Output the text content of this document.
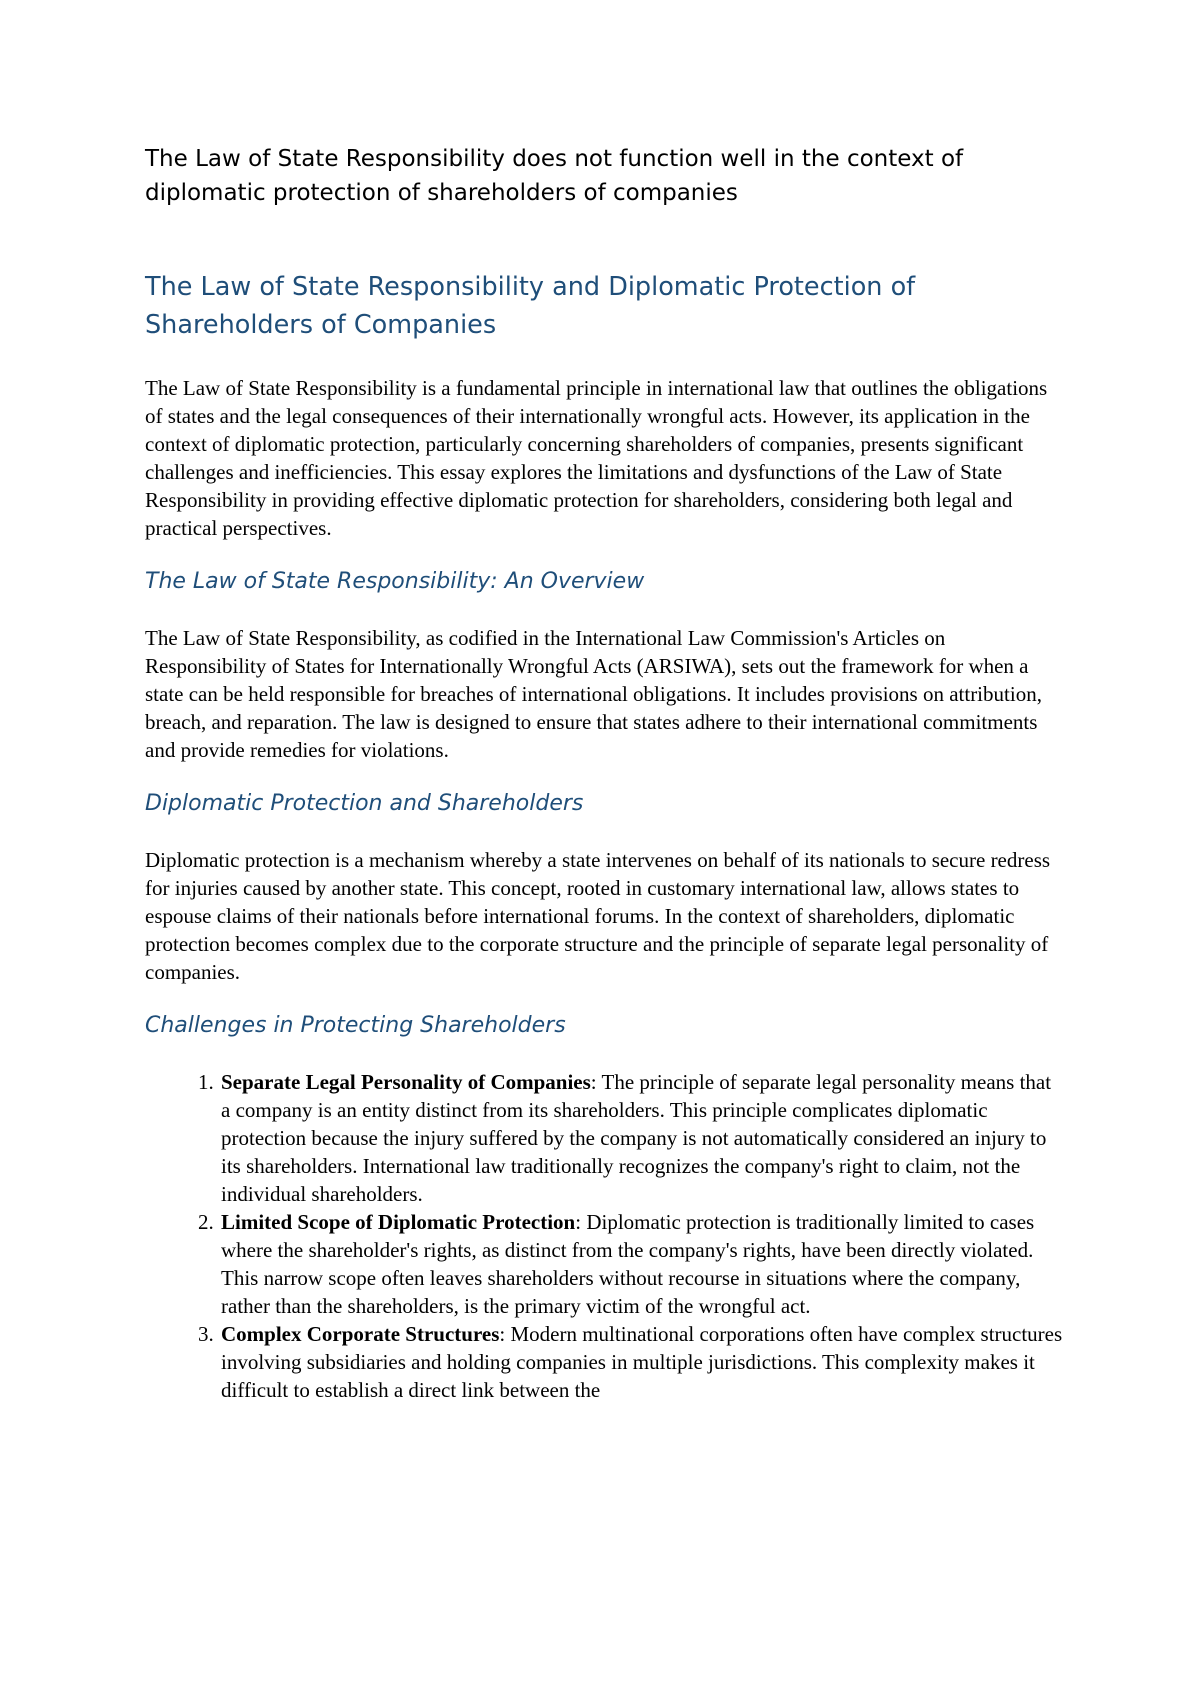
The Law of State Responsibility does not function well in the context of diplomatic protection of shareholders of companies

The Law of State Responsibility and Diplomatic Protection of Shareholders of Companies

The Law of State Responsibility is a fundamental principle in international law that outlines the obligations of states and the legal consequences of their internationally wrongful acts. However, its application in the context of diplomatic protection, particularly concerning shareholders of companies, presents significant challenges and inefficiencies. This essay explores the limitations and dysfunctions of the Law of State Responsibility in providing effective diplomatic protection for shareholders, considering both legal and practical perspectives.

The Law of State Responsibility: An Overview

The Law of State Responsibility, as codified in the International Law Commission's Articles on Responsibility of States for Internationally Wrongful Acts (ARSIWA), sets out the framework for when a state can be held responsible for breaches of international obligations. It includes provisions on attribution, breach, and reparation. The law is designed to ensure that states adhere to their international commitments and provide remedies for violations.

Diplomatic Protection and Shareholders

Diplomatic protection is a mechanism whereby a state intervenes on behalf of its nationals to secure redress for injuries caused by another state. This concept, rooted in customary international law, allows states to espouse claims of their nationals before international forums. In the context of shareholders, diplomatic protection becomes complex due to the corporate structure and the principle of separate legal personality of companies.

Challenges in Protecting Shareholders
1. Separate Legal Personality of Companies: The principle of separate legal personality means that a company is an entity distinct from its shareholders. This principle complicates diplomatic protection because the injury suffered by the company is not automatically considered an injury to its shareholders. International law traditionally recognizes the company's right to claim, not the individual shareholders.
2. Limited Scope of Diplomatic Protection: Diplomatic protection is traditionally limited to cases where the shareholder's rights, as distinct from the company's rights, have been directly violated. This narrow scope often leaves shareholders without recourse in situations where the company, rather than the shareholders, is the primary victim of the wrongful act.
3. Complex Corporate Structures: Modern multinational corporations often have complex structures involving subsidiaries and holding companies in multiple jurisdictions. This complexity makes it difficult to establish a direct link between the
